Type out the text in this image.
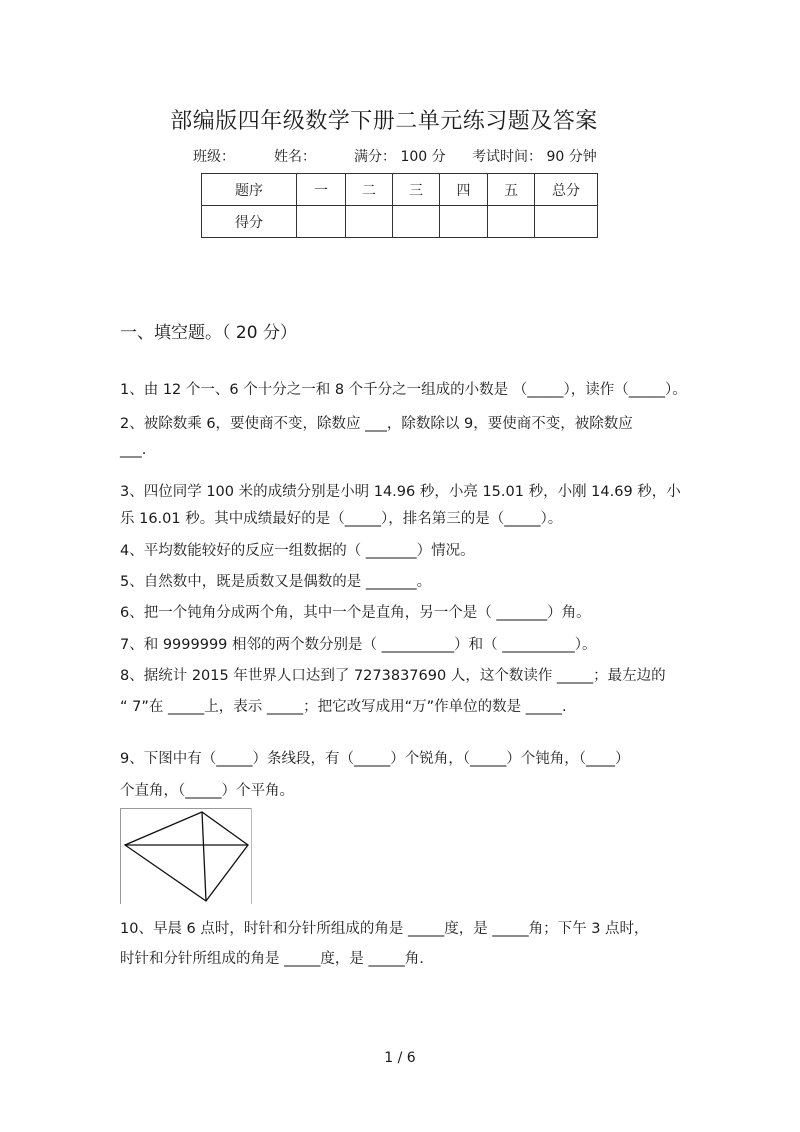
部编版四年级数学下册二单元练习题及答案
班级：	姓名：	满分： 100 分 考试时间： 90 分钟
题序	一	二	三	四	五	总分
得分						
一、填空题。（ 20 分）
1、由 12 个一、6 个十分之一和 8 个千分之一组成的小数是 （_____），读作（_____）。
2、被除数乘 6，要使商不变，除数应 ___，除数除以 9，要使商不变，被除数应
___.
3、四位同学 100 米的成绩分别是小明 14.96 秒，小亮 15.01 秒，小刚 14.69 秒，小
乐 16.01 秒。其中成绩最好的是（_____），排名第三的是（_____）。
4、平均数能较好的反应一组数据的（ _______）情况。
5、自然数中，既是质数又是偶数的是 _______。
6、把一个钝角分成两个角，其中一个是直角，另一个是（ _______）角。
7、和 9999999 相邻的两个数分别是（ __________）和（ __________）。
8、据统计 2015 年世界人口达到了 7273837690 人，这个数读作 _____；最左边的
“ 7”在 _____上，表示 _____；把它改写成用“万”作单位的数是 _____.
9、下图中有（_____）条线段，有（_____）个锐角，（_____）个钝角，（____）
个直角，（_____）个平角。
10、早晨 6 点时，时针和分针所组成的角是 _____度，是 _____角；下午 3 点时，
时针和分针所组成的角是 _____度，是 _____角.
1 / 6
